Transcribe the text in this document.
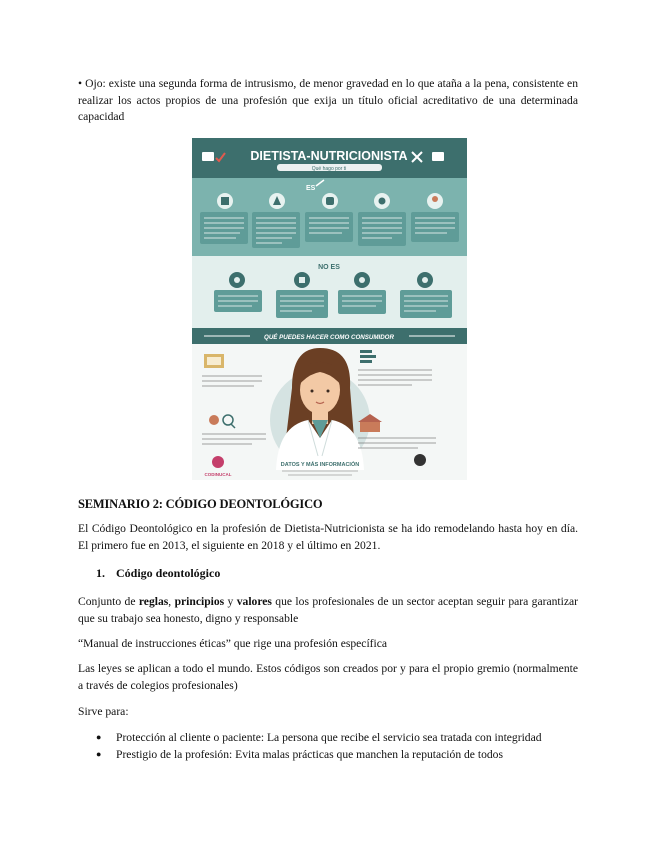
• Ojo: existe una segunda forma de intrusismo, de menor gravedad en lo que ataña a la pena, consistente en realizar los actos propios de una profesión que exija un título oficial acreditativo de una determinada capacidad
DIETISTA-NUTRICIONISTA
Qué hago por ti
ES
NO ES
QUÉ PUEDES HACER COMO CONSUMIDOR
CODINUCAL
DATOS Y MÁS INFORMACIÓN
SEMINARIO 2: CÓDIGO DEONTOLÓGICO
El Código Deontológico en la profesión de Dietista-Nutricionista se ha ido remodelando hasta hoy en día. El primero fue en 2013, el siguiente en 2018 y el último en 2021.
1. Código deontológico
Conjunto de reglas, principios y valores que los profesionales de un sector aceptan seguir para garantizar que su trabajo sea honesto, digno y responsable
“Manual de instrucciones éticas” que rige una profesión específica
Las leyes se aplican a todo el mundo. Estos códigos son creados por y para el propio gremio (normalmente a través de colegios profesionales)
Sirve para:
● Protección al cliente o paciente: La persona que recibe el servicio sea tratada con integridad
● Prestigio de la profesión: Evita malas prácticas que manchen la reputación de todos
